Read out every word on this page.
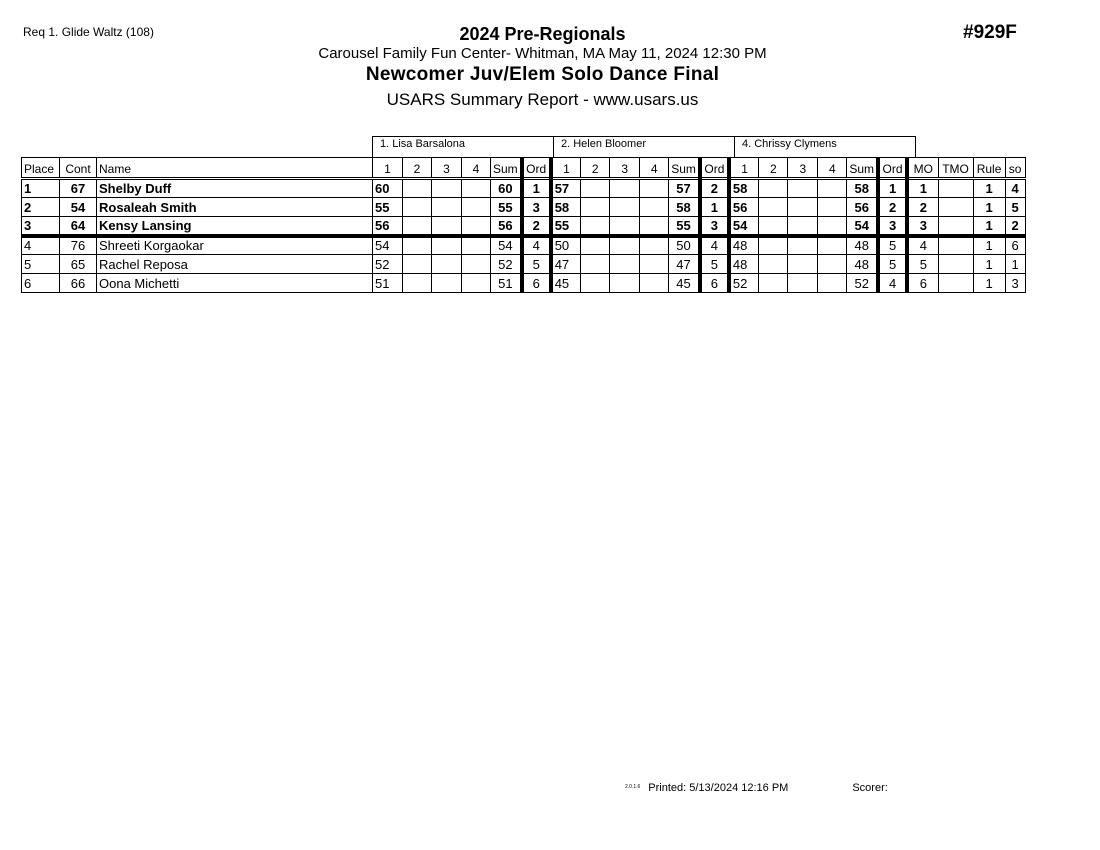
Req 1. Glide Waltz (108)	#929F
2024 Pre-Regionals
Carousel Family Fun Center- Whitman, MA May 11, 2024 12:30 PM
Newcomer Juv/Elem Solo Dance Final
USARS Summary Report - www.usars.us
1. Lisa Barsalona	2. Helen Bloomer	4. Chrissy Clymens
Place	Cont	Name	1	2	3	4	Sum	Ord	1	2	3	4	Sum	Ord	1	2	3	4	Sum	Ord	MO	TMO	Rule	so
1	67	Shelby Duff	60				60	1	57				57	2	58				58	1	1		1	4
2	54	Rosaleah Smith	55				55	3	58				58	1	56				56	2	2		1	5
3	64	Kensy Lansing	56				56	2	55				55	3	54				54	3	3		1	2
4	76	Shreeti Korgaokar	54				54	4	50				50	4	48				48	5	4		1	6
5	65	Rachel Reposa	52				52	5	47				47	5	48				48	5	5		1	1
6	66	Oona Michetti	51				51	6	45				45	6	52				52	4	6		1	3
2.0.1.6 Printed: 5/13/2024 12:16 PM	Scorer:
